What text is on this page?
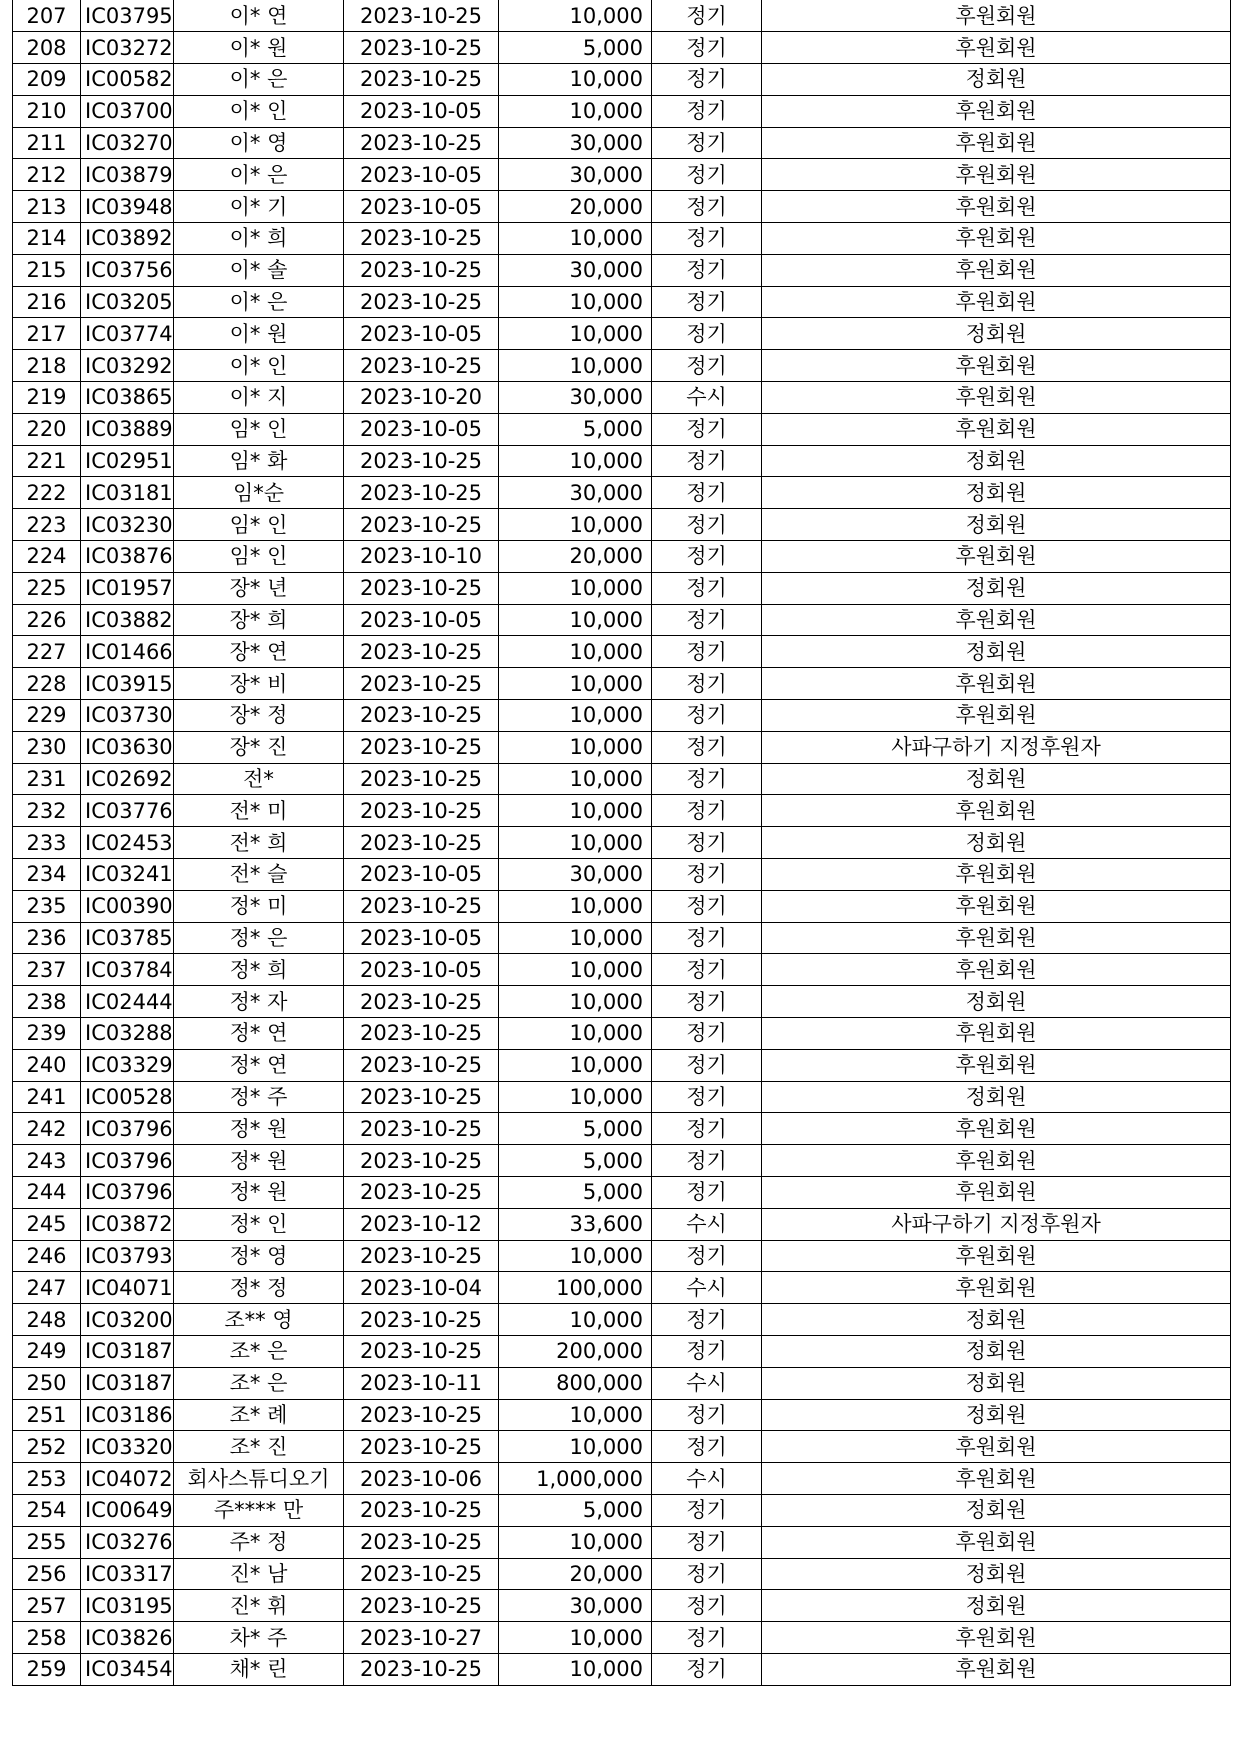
207	IC03795	이* 연	2023-10-25	10,000	정기	후원회원
208	IC03272	이* 원	2023-10-25	5,000	정기	후원회원
209	IC00582	이* 은	2023-10-25	10,000	정기	정회원
210	IC03700	이* 인	2023-10-05	10,000	정기	후원회원
211	IC03270	이* 영	2023-10-25	30,000	정기	후원회원
212	IC03879	이* 은	2023-10-05	30,000	정기	후원회원
213	IC03948	이* 기	2023-10-05	20,000	정기	후원회원
214	IC03892	이* 희	2023-10-25	10,000	정기	후원회원
215	IC03756	이* 솔	2023-10-25	30,000	정기	후원회원
216	IC03205	이* 은	2023-10-25	10,000	정기	후원회원
217	IC03774	이* 원	2023-10-05	10,000	정기	정회원
218	IC03292	이* 인	2023-10-25	10,000	정기	후원회원
219	IC03865	이* 지	2023-10-20	30,000	수시	후원회원
220	IC03889	임* 인	2023-10-05	5,000	정기	후원회원
221	IC02951	임* 화	2023-10-25	10,000	정기	정회원
222	IC03181	임*순	2023-10-25	30,000	정기	정회원
223	IC03230	임* 인	2023-10-25	10,000	정기	정회원
224	IC03876	임* 인	2023-10-10	20,000	정기	후원회원
225	IC01957	장* 년	2023-10-25	10,000	정기	정회원
226	IC03882	장* 희	2023-10-05	10,000	정기	후원회원
227	IC01466	장* 연	2023-10-25	10,000	정기	정회원
228	IC03915	장* 비	2023-10-25	10,000	정기	후원회원
229	IC03730	장* 정	2023-10-25	10,000	정기	후원회원
230	IC03630	장* 진	2023-10-25	10,000	정기	사파구하기 지정후원자
231	IC02692	전*	2023-10-25	10,000	정기	정회원
232	IC03776	전* 미	2023-10-25	10,000	정기	후원회원
233	IC02453	전* 희	2023-10-25	10,000	정기	정회원
234	IC03241	전* 슬	2023-10-05	30,000	정기	후원회원
235	IC00390	정* 미	2023-10-25	10,000	정기	후원회원
236	IC03785	정* 은	2023-10-05	10,000	정기	후원회원
237	IC03784	정* 희	2023-10-05	10,000	정기	후원회원
238	IC02444	정* 자	2023-10-25	10,000	정기	정회원
239	IC03288	정* 연	2023-10-25	10,000	정기	후원회원
240	IC03329	정* 연	2023-10-25	10,000	정기	후원회원
241	IC00528	정* 주	2023-10-25	10,000	정기	정회원
242	IC03796	정* 원	2023-10-25	5,000	정기	후원회원
243	IC03796	정* 원	2023-10-25	5,000	정기	후원회원
244	IC03796	정* 원	2023-10-25	5,000	정기	후원회원
245	IC03872	정* 인	2023-10-12	33,600	수시	사파구하기 지정후원자
246	IC03793	정* 영	2023-10-25	10,000	정기	후원회원
247	IC04071	정* 정	2023-10-04	100,000	수시	후원회원
248	IC03200	조** 영	2023-10-25	10,000	정기	정회원
249	IC03187	조* 은	2023-10-25	200,000	정기	정회원
250	IC03187	조* 은	2023-10-11	800,000	수시	정회원
251	IC03186	조* 례	2023-10-25	10,000	정기	정회원
252	IC03320	조* 진	2023-10-25	10,000	정기	후원회원
253	IC04072	회사스튜디오기	2023-10-06	1,000,000	수시	후원회원
254	IC00649	주**** 만	2023-10-25	5,000	정기	정회원
255	IC03276	주* 정	2023-10-25	10,000	정기	후원회원
256	IC03317	진* 남	2023-10-25	20,000	정기	정회원
257	IC03195	진* 휘	2023-10-25	30,000	정기	정회원
258	IC03826	차* 주	2023-10-27	10,000	정기	후원회원
259	IC03454	채* 린	2023-10-25	10,000	정기	후원회원
